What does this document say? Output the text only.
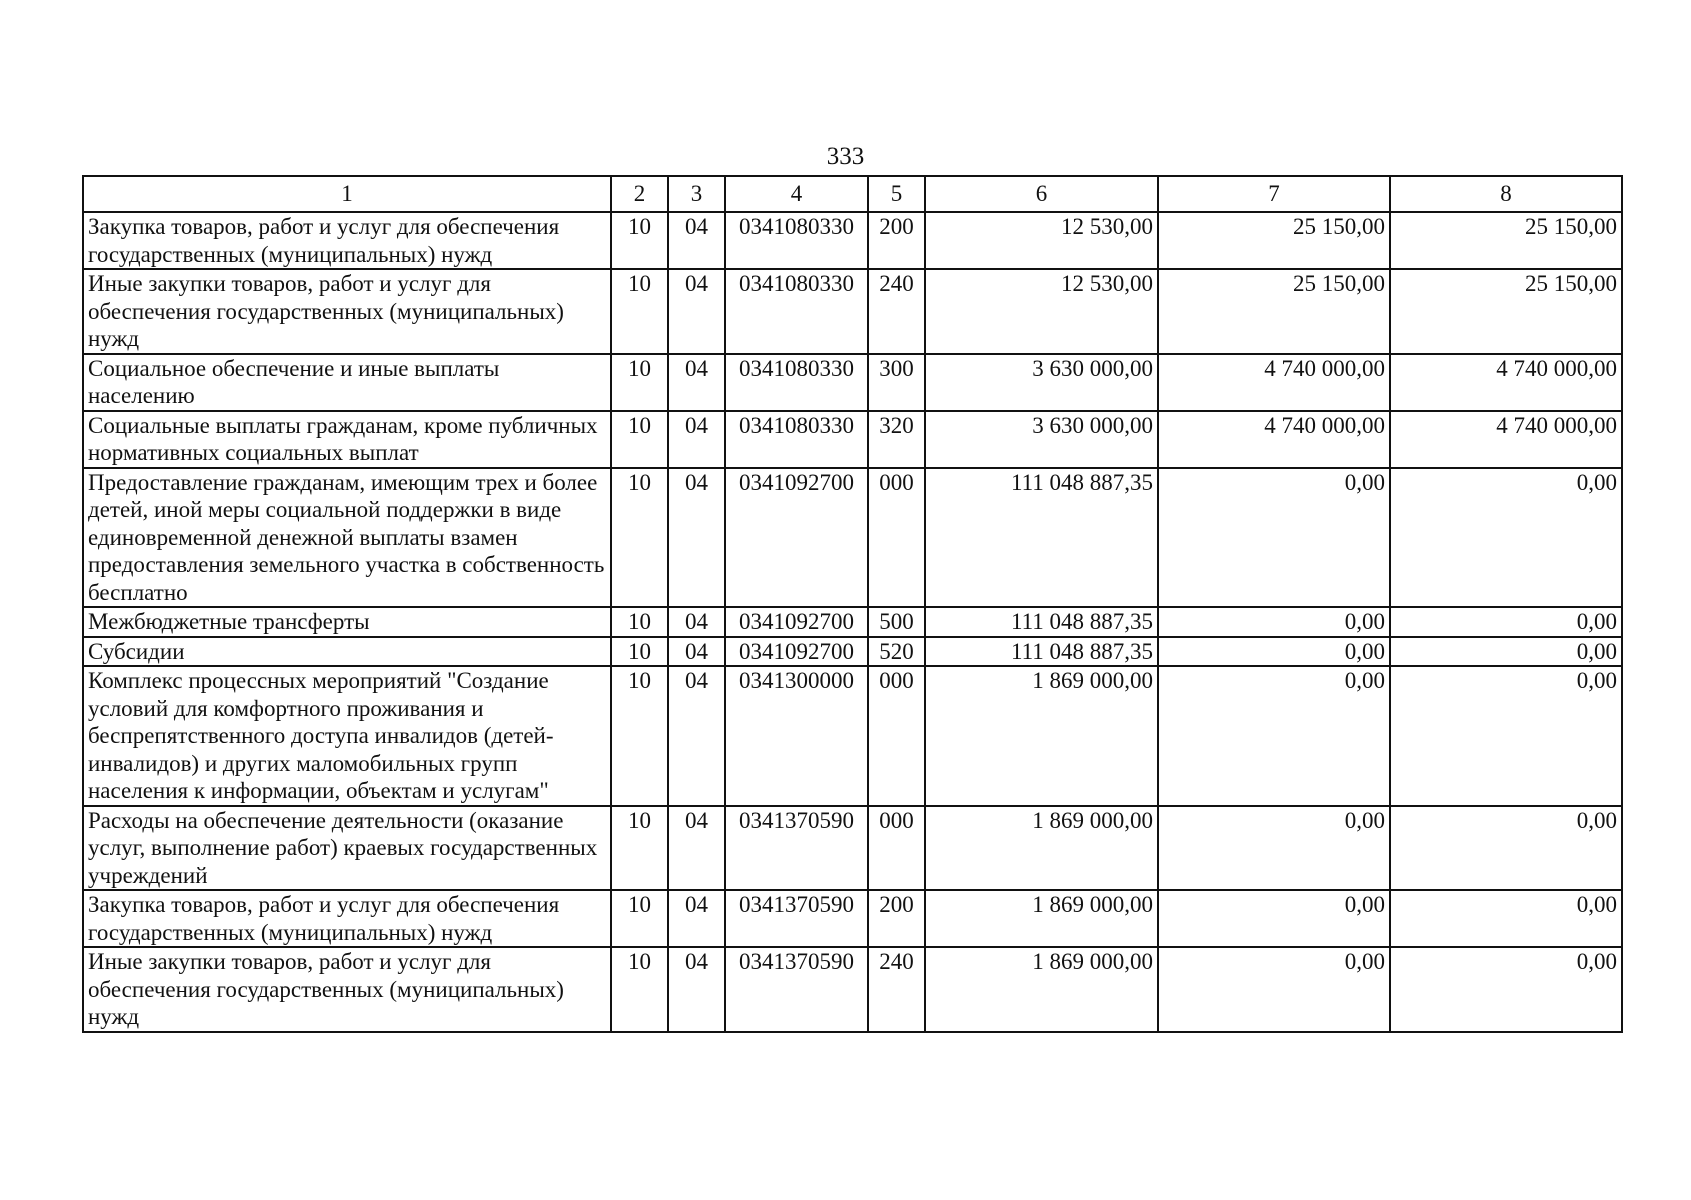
333
1	2	3	4	5	6	7	8
Закупка товаров, работ и услуг для обеспечения государственных (муниципальных) нужд	10	04	0341080330	200	12 530,00	25 150,00	25 150,00
Иные закупки товаров, работ и услуг для обеспечения государственных (муниципальных) нужд	10	04	0341080330	240	12 530,00	25 150,00	25 150,00
Социальное обеспечение и иные выплаты населению	10	04	0341080330	300	3 630 000,00	4 740 000,00	4 740 000,00
Социальные выплаты гражданам, кроме публичных нормативных социальных выплат	10	04	0341080330	320	3 630 000,00	4 740 000,00	4 740 000,00
Предоставление гражданам, имеющим трех и более детей, иной меры социальной поддержки в виде единовременной денежной выплаты взамен предоставления земельного участка в собственность бесплатно	10	04	0341092700	000	111 048 887,35	0,00	0,00
Межбюджетные трансферты	10	04	0341092700	500	111 048 887,35	0,00	0,00
Субсидии	10	04	0341092700	520	111 048 887,35	0,00	0,00
Комплекс процессных мероприятий "Создание условий для комфортного проживания и беспрепятственного доступа инвалидов (детей-инвалидов) и других маломобильных групп населения к информации, объектам и услугам"	10	04	0341300000	000	1 869 000,00	0,00	0,00
Расходы на обеспечение деятельности (оказание услуг, выполнение работ) краевых государственных учреждений	10	04	0341370590	000	1 869 000,00	0,00	0,00
Закупка товаров, работ и услуг для обеспечения государственных (муниципальных) нужд	10	04	0341370590	200	1 869 000,00	0,00	0,00
Иные закупки товаров, работ и услуг для обеспечения государственных (муниципальных) нужд	10	04	0341370590	240	1 869 000,00	0,00	0,00
